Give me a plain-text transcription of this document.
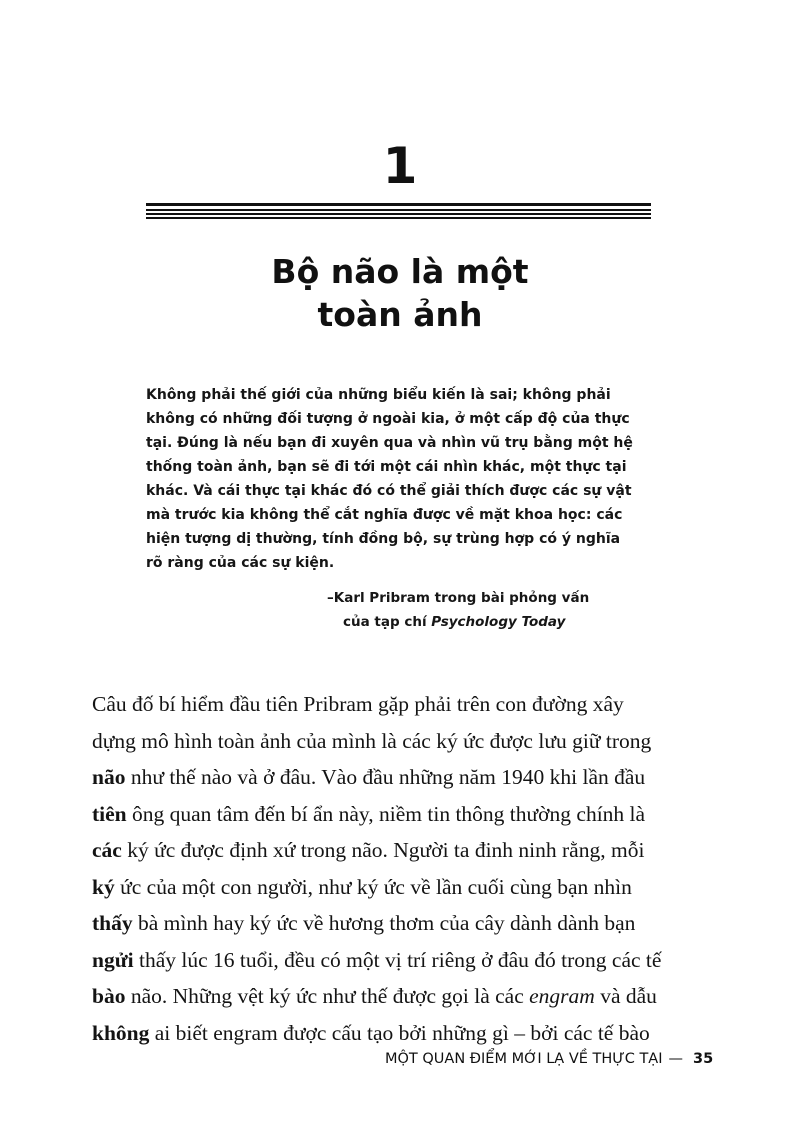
1
Bộ não là một
toàn ảnh
Không phải thế giới của những biểu kiến là sai; không phải
không có những đối tượng ở ngoài kia, ở một cấp độ của thực
tại. Đúng là nếu bạn đi xuyên qua và nhìn vũ trụ bằng một hệ
thống toàn ảnh, bạn sẽ đi tới một cái nhìn khác, một thực tại
khác. Và cái thực tại khác đó có thể giải thích được các sự vật
mà trước kia không thể cắt nghĩa được về mặt khoa học: các
hiện tượng dị thường, tính đồng bộ, sự trùng hợp có ý nghĩa
rõ ràng của các sự kiện.
–Karl Pribram trong bài phỏng vấn
của tạp chí Psychology Today
Câu đố bí hiểm đầu tiên Pribram gặp phải trên con đường xây
dựng mô hình toàn ảnh của mình là các ký ức được lưu giữ trong
não như thế nào và ở đâu. Vào đầu những năm 1940 khi lần đầu
tiên ông quan tâm đến bí ẩn này, niềm tin thông thường chính là
các ký ức được định xứ trong não. Người ta đinh ninh rằng, mỗi
ký ức của một con người, như ký ức về lần cuối cùng bạn nhìn
thấy bà mình hay ký ức về hương thơm của cây dành dành bạn
ngửi thấy lúc 16 tuổi, đều có một vị trí riêng ở đâu đó trong các tế
bào não. Những vệt ký ức như thế được gọi là các engram và dẫu
không ai biết engram được cấu tạo bởi những gì – bởi các tế bào
MỘT QUAN ĐIỂM MỚI LẠ VỀ THỰC TẠI — 35
